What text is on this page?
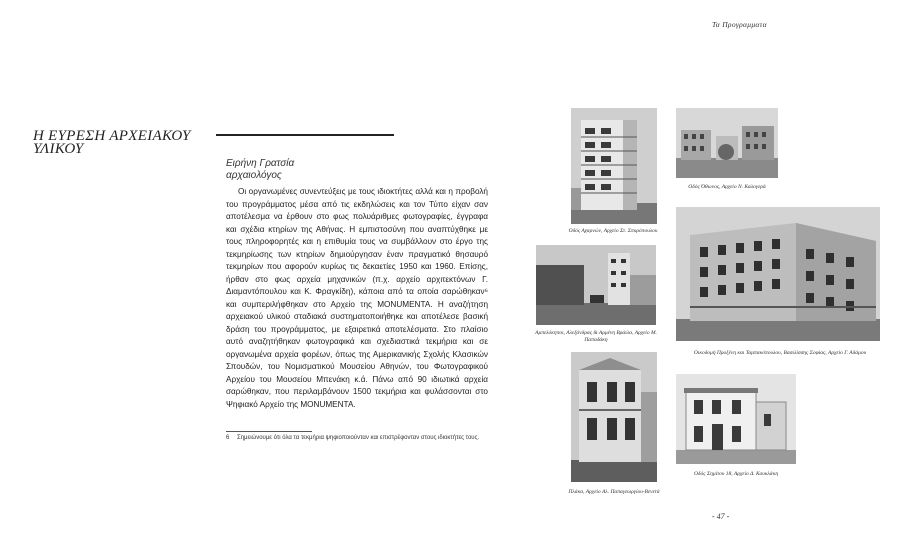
Τα Προγραμματα
Η ΕΥΡΕΣΗ ΑΡΧΕΙΑΚΟΥ ΥΛΙΚΟΥ
Ειρήνη Γρατσία
αρχαιολόγος
Οι οργανωμένες συνεντεύξεις με τους ιδιοκτήτες αλλά και η προβολή του προγράμματος μέσα από τις εκδηλώσεις και τον Τύπο είχαν σαν αποτέλεσμα να έρθουν στο φως πολυάριθμες φωτογραφίες, έγγραφα και σχέδια κτηρίων της Αθήνας. Η εμπιστοσύνη που αναπτύχθηκε με τους πληροφορητές και η επιθυμία τους να συμβάλλουν στο έργο της τεκμηρίωσης των κτηρίων δημιούργησαν έναν πραγματικό θησαυρό τεκμηρίων που αφορούν κυρίως τις δεκαετίες 1950 και 1960. Επίσης, ήρθαν στο φως αρχεία μηχανικών (π.χ. αρχείο αρχιτεκτόνων Γ. Διαμαντόπουλου και Κ. Φραγκίδη), κάποια από τα οποία σαρώθηκαν⁶ και συμπεριλήφθηκαν στο Αρχείο της MONUMENTA. Η αναζήτηση αρχειακού υλικού σταδιακά συστηματοποιήθηκε και αποτέλεσε βασική δράση του προγράμματος, με εξαιρετικά αποτελέσματα. Στο πλαίσιο αυτό αναζητήθηκαν φωτογραφικά και σχεδιαστικά τεκμήρια και σε οργανωμένα αρχεία φορέων, όπως της Αμερικανικής Σχολής Κλασικών Σπουδών, του Νομισματικού Μουσείου Αθηνών, του Φωτογραφικού Αρχείου του Μουσείου Μπενάκη κ.ά. Πάνω από 90 ιδιωτικά αρχεία σαρώθηκαν, που περιλαμβάνουν 1500 τεκμήρια και φυλάσσονται στο Ψηφιακό Αρχείο της MONUMENTA.
6 Σημειώνουμε ότι όλα τα τεκμήρια ψηφιοποιούνταν και επιστρέφονταν στους ιδιοκτήτες τους.
Οδός Αχαρνών, Αρχείο Στ. Σπυρόπουλου
Οδός Όθωνος, Αρχείο Ν. Καλογερά
Αμπελόκηποι, Αλεξάνδρας & Αρμένη Βράιλα, Αρχείο Μ. Παπαδάκη
Οικοδομή Προξένη και Ταμπακόπουλου, Βασιλίσσης Σοφίας, Αρχείο Γ. Αδάμου
Πλάκα, Αρχείο Αλ. Παπαγεωργίου-Βενετά
Οδός Σημίτου 18, Αρχείο Δ. Κουκλάκη
- 47 -
